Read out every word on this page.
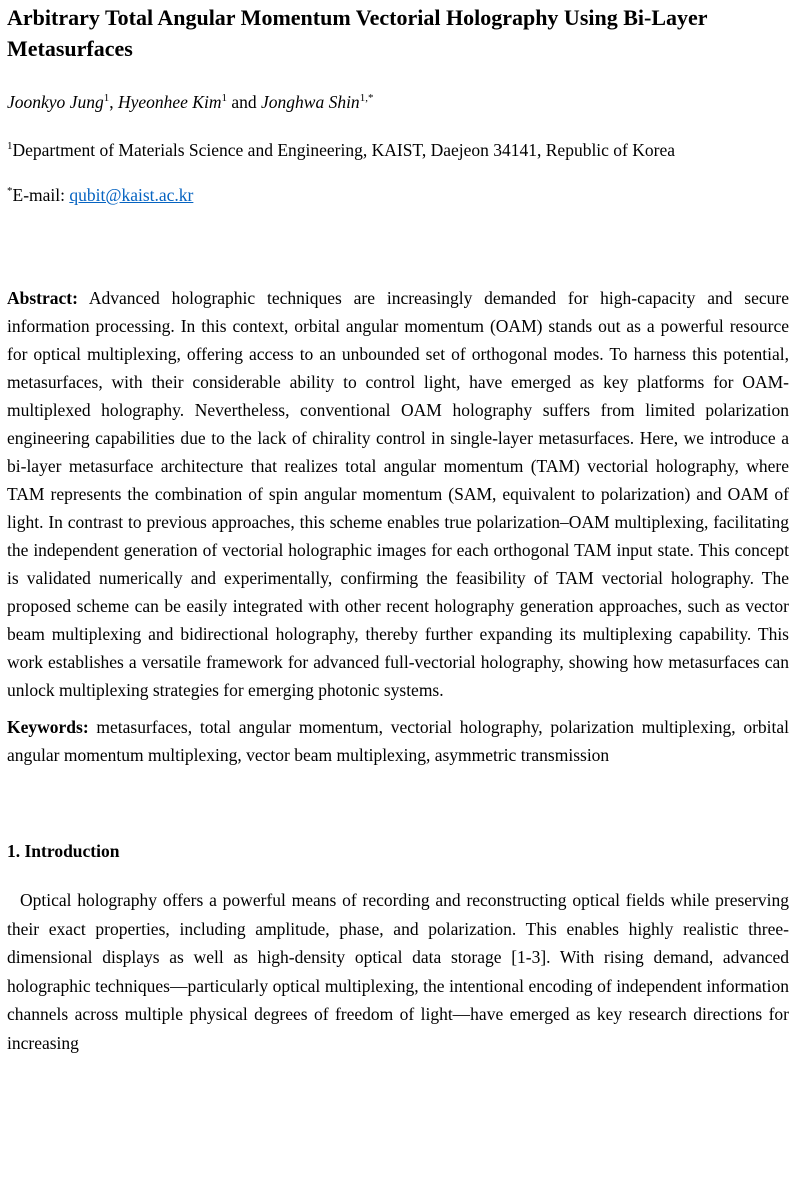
Arbitrary Total Angular Momentum Vectorial Holography Using Bi-Layer Metasurfaces

Joonkyo Jung$^1$, Hyeonhee Kim$^1$ and Jonghwa Shin$^{1,*}$

$^1$Department of Materials Science and Engineering, KAIST, Daejeon 34141, Republic of Korea

*E-mail: qubit@kaist.ac.kr

Abstract: Advanced holographic techniques are increasingly demanded for high-capacity and secure information processing. In this context, orbital angular momentum (OAM) stands out as a powerful resource for optical multiplexing, offering access to an unbounded set of orthogonal modes. To harness this potential, metasurfaces, with their considerable ability to control light, have emerged as key platforms for OAM-multiplexed holography. Nevertheless, conventional OAM holography suffers from limited polarization engineering capabilities due to the lack of chirality control in single-layer metasurfaces. Here, we introduce a bi-layer metasurface architecture that realizes total angular momentum (TAM) vectorial holography, where TAM represents the combination of spin angular momentum (SAM, equivalent to polarization) and OAM of light. In contrast to previous approaches, this scheme enables true polarization–OAM multiplexing, facilitating the independent generation of vectorial holographic images for each orthogonal TAM input state. This concept is validated numerically and experimentally, confirming the feasibility of TAM vectorial holography. The proposed scheme can be easily integrated with other recent holography generation approaches, such as vector beam multiplexing and bidirectional holography, thereby further expanding its multiplexing capability. This work establishes a versatile framework for advanced full-vectorial holography, showing how metasurfaces can unlock multiplexing strategies for emerging photonic systems.

Keywords: metasurfaces, total angular momentum, vectorial holography, polarization multiplexing, orbital angular momentum multiplexing, vector beam multiplexing, asymmetric transmission

1. Introduction

Optical holography offers a powerful means of recording and reconstructing optical fields while preserving their exact properties, including amplitude, phase, and polarization. This enables highly realistic three-dimensional displays as well as high-density optical data storage [1-3]. With rising demand, advanced holographic techniques—particularly optical multiplexing, the intentional encoding of independent information channels across multiple physical degrees of freedom of light—have emerged as key research directions for increasing
